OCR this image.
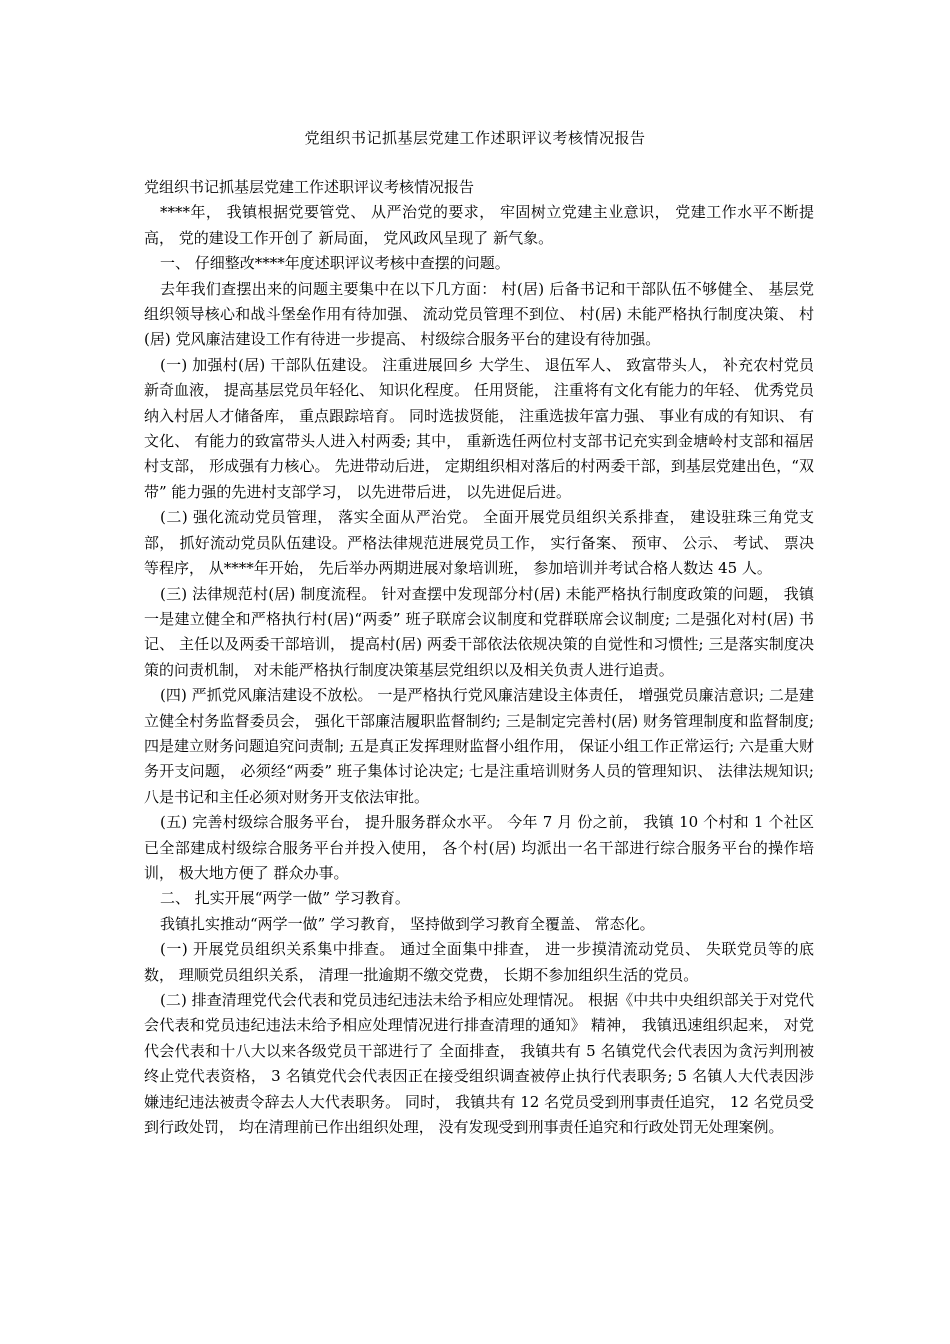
党组织书记抓基层党建工作述职评议考核情况报告

党组织书记抓基层党建工作述职评议考核情况报告

****年， 我镇根据党要管党、 从严治党的要求， 牢固树立党建主业意识， 党建工作水平不断提高， 党的建设工作开创了 新局面， 党风政风呈现了 新气象。

一、 仔细整改****年度述职评议考核中查摆的问题。

去年我们查摆出来的问题主要集中在以下几方面： 村(居) 后备书记和干部队伍不够健全、 基层党组织领导核心和战斗堡垒作用有待加强、 流动党员管理不到位、 村(居) 未能严格执行制度决策、 村(居) 党风廉洁建设工作有待进一步提高、 村级综合服务平台的建设有待加强。

(一) 加强村(居) 干部队伍建设。 注重进展回乡 大学生、 退伍军人、 致富带头人， 补充农村党员新奇血液， 提高基层党员年轻化、 知识化程度。 任用贤能， 注重将有文化有能力的年轻、 优秀党员纳入村居人才储备库， 重点跟踪培育。 同时选拔贤能， 注重选拔年富力强、 事业有成的有知识、 有文化、 有能力的致富带头人进入村两委; 其中， 重新选任两位村支部书记充实到金塘岭村支部和福居村支部， 形成强有力核心。 先进带动后进， 定期组织相对落后的村两委干部，到基层党建出色，“双带” 能力强的先进村支部学习， 以先进带后进， 以先进促后进。

(二) 强化流动党员管理， 落实全面从严治党。 全面开展党员组织关系排查， 建设驻珠三角党支部， 抓好流动党员队伍建设。严格法律规范进展党员工作， 实行备案、 预审、 公示、 考试、 票决等程序， 从****年开始， 先后举办两期进展对象培训班， 参加培训并考试合格人数达 45 人。

(三) 法律规范村(居) 制度流程。 针对查摆中发现部分村(居) 未能严格执行制度政策的问题， 我镇一是建立健全和严格执行村(居)“两委” 班子联席会议制度和党群联席会议制度; 二是强化对村(居) 书记、 主任以及两委干部培训， 提高村(居) 两委干部依法依规决策的自觉性和习惯性; 三是落实制度决策的问责机制， 对未能严格执行制度决策基层党组织以及相关负责人进行追责。

(四) 严抓党风廉洁建设不放松。 一是严格执行党风廉洁建设主体责任， 增强党员廉洁意识; 二是建立健全村务监督委员会， 强化干部廉洁履职监督制约; 三是制定完善村(居) 财务管理制度和监督制度; 四是建立财务问题追究问责制; 五是真正发挥理财监督小组作用， 保证小组工作正常运行; 六是重大财务开支问题， 必须经“两委” 班子集体讨论决定; 七是注重培训财务人员的管理知识、 法律法规知识; 八是书记和主任必须对财务开支依法审批。

(五) 完善村级综合服务平台， 提升服务群众水平。 今年 7 月 份之前， 我镇 10 个村和 1 个社区已全部建成村级综合服务平台并投入使用， 各个村(居) 均派出一名干部进行综合服务平台的操作培训， 极大地方便了 群众办事。

二、 扎实开展“两学一做” 学习教育。

我镇扎实推动“两学一做” 学习教育， 坚持做到学习教育全覆盖、 常态化。

(一) 开展党员组织关系集中排查。 通过全面集中排查， 进一步摸清流动党员、 失联党员等的底数， 理顺党员组织关系， 清理一批逾期不缴交党费， 长期不参加组织生活的党员。

(二) 排查清理党代会代表和党员违纪违法未给予相应处理情况。 根据《中共中央组织部关于对党代会代表和党员违纪违法未给予相应处理情况进行排查清理的通知》 精神， 我镇迅速组织起来， 对党代会代表和十八大以来各级党员干部进行了 全面排查， 我镇共有 5 名镇党代会代表因为贪污判刑被终止党代表资格， 3 名镇党代会代表因正在接受组织调查被停止执行代表职务; 5 名镇人大代表因涉嫌违纪违法被责令辞去人大代表职务。 同时， 我镇共有 12 名党员受到刑事责任追究， 12 名党员受到行政处罚， 均在清理前已作出组织处理， 没有发现受到刑事责任追究和行政处罚无处理案例。
